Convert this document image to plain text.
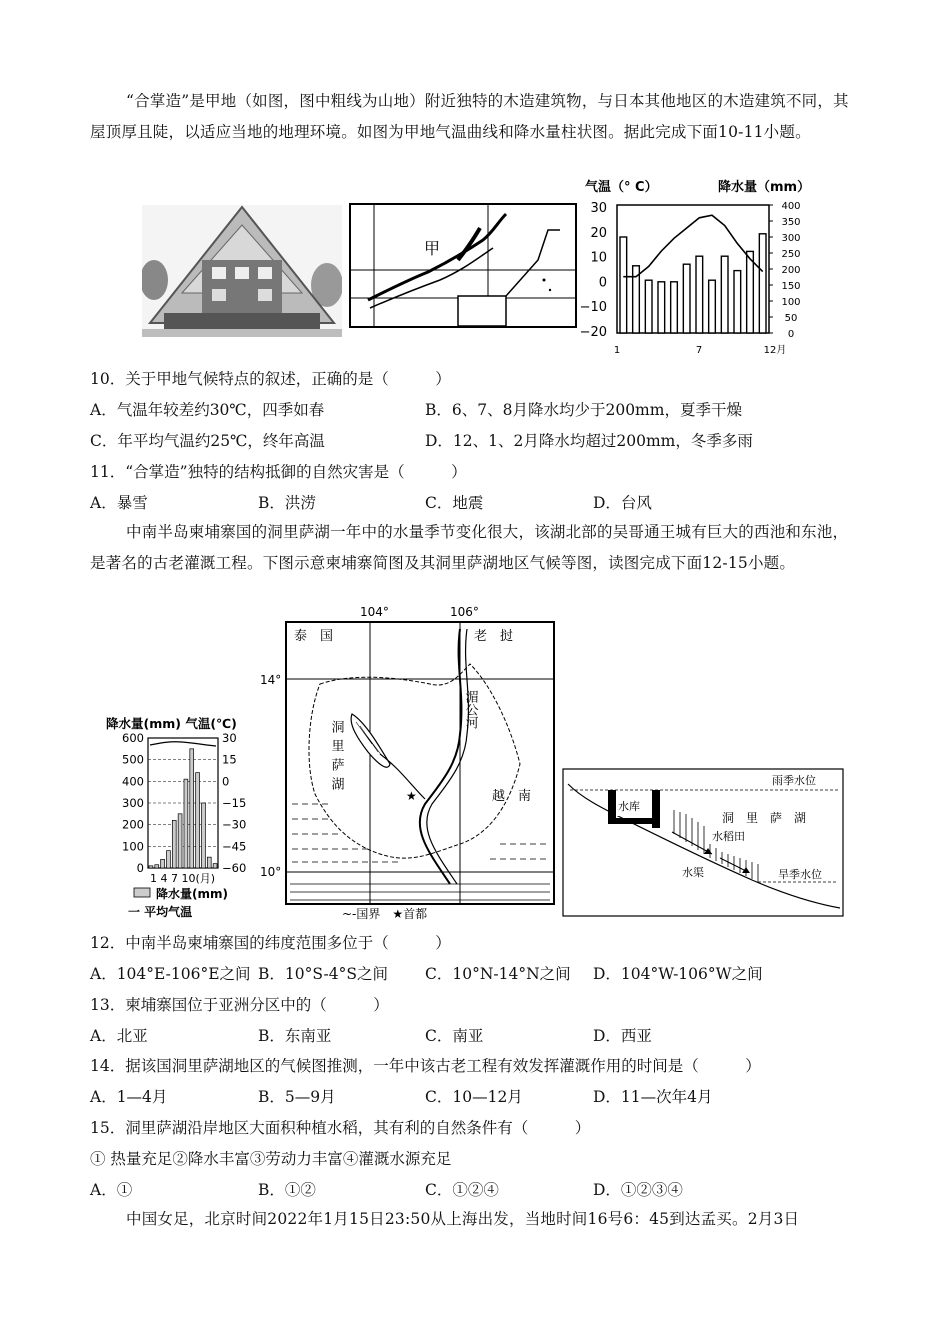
“合掌造”是甲地（如图，图中粗线为山地）附近独特的木造建筑物，与日本其他地区的木造建筑不同，其屋顶厚且陡，以适应当地的地理环境。如图为甲地气温曲线和降水量柱状图。据此完成下面10-11小题。
甲
气温（° C）	降水量（mm）
30
20
10
0
−10
−20
400
350
300
250
200
150
100
50
0
1	7	12月
10．关于甲地气候特点的叙述，正确的是（　　　）
A．气温年较差约30℃，四季如春	B．6、7、8月降水均少于200mm，夏季干燥
C．年平均气温约25℃，终年高温	D．12、1、2月降水均超过200mm，冬季多雨
11．“合掌造”独特的结构抵御的自然灾害是（　　　）
A．暴雪	B．洪涝	C．地震	D．台风
中南半岛柬埔寨国的洞里萨湖一年中的水量季节变化很大，该湖北部的吴哥通王城有巨大的西池和东池，是著名的古老灌溉工程。下图示意柬埔寨简图及其洞里萨湖地区气候等图，读图完成下面12-15小题。
降水量(mm) 气温(℃)
600
500
400
300
200
100
0
30
15
0
−15
−30
−45
−60
1 4 7 10(月)
降水量(mm)
一 平均气温
104°	106°
14°
10°
★
泰　国	老　挝
湄公河
洞里萨湖
越　南
~-国界　★首都
雨季水位
水库
洞　里　萨　湖
水稻田
水渠	旱季水位
12．中南半岛柬埔寨国的纬度范围多位于（　　　）
A．104°E-106°E之间 B．10°S-4°S之间 C．10°N-14°N之间 D．104°W-106°W之间
13．柬埔寨国位于亚洲分区中的（　　　）
A．北亚	B．东南亚	C．南亚	D．西亚
14．据该国洞里萨湖地区的气候图推测，一年中该古老工程有效发挥灌溉作用的时间是（　　　）
A．1—4月	B．5—9月	C．10—12月	D．11—次年4月
15．洞里萨湖沿岸地区大面积种植水稻，其有利的自然条件有（　　　）
① 热量充足②降水丰富③劳动力丰富④灌溉水源充足
A．①	B．①②	C．①②④	D．①②③④
中国女足，北京时间2022年1月15日23:50从上海出发，当地时间16号6：45到达孟买。2月3日
